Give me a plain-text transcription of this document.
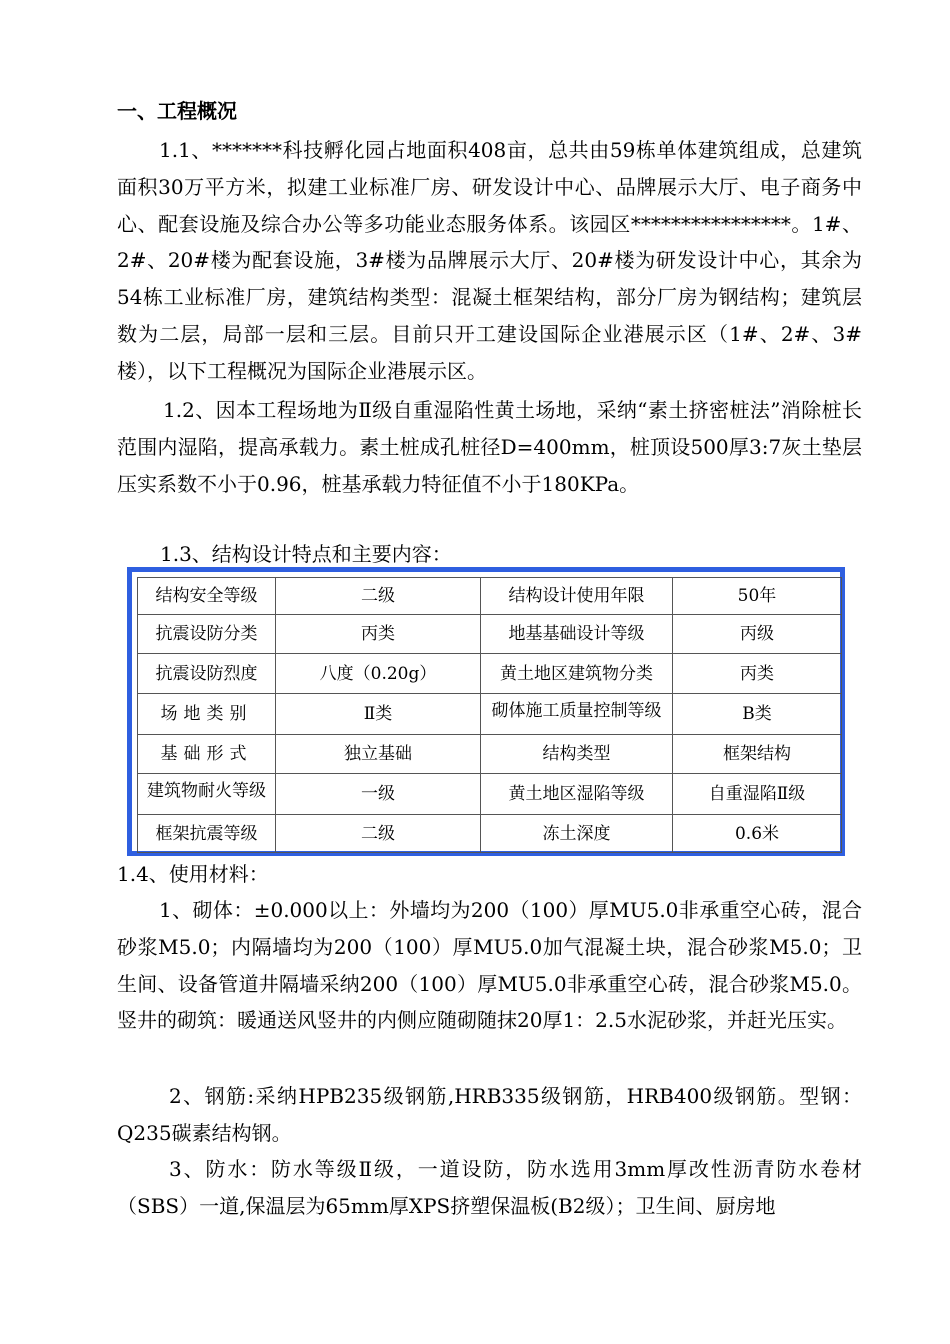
一、工程概况
1.1、*******科技孵化园占地面积408亩，总共由59栋单体建筑组成，总建筑面积30万平方米，拟建工业标准厂房、研发设计中心、品牌展示大厅、电子商务中心、配套设施及综合办公等多功能业态服务体系。该园区****************。1#、2#、20#楼为配套设施，3#楼为品牌展示大厅、20#楼为研发设计中心，其余为54栋工业标准厂房，建筑结构类型：混凝土框架结构，部分厂房为钢结构；建筑层数为二层，局部一层和三层。目前只开工建设国际企业港展示区（1#、2#、3#楼），以下工程概况为国际企业港展示区。
1.2、因本工程场地为Ⅱ级自重湿陷性黄土场地，采纳“素土挤密桩法”消除桩长范围内湿陷，提高承载力。素土桩成孔桩径D=400mm，桩顶设500厚3:7灰土垫层压实系数不小于0.96，桩基承载力特征值不小于180KPa。
1.3、结构设计特点和主要内容：
结构安全等级	二级	结构设计使用年限	50年
抗震设防分类	丙类	地基基础设计等级	丙级
抗震设防烈度	八度（0.20g）	黄土地区建筑物分类	丙类
场地类别	Ⅱ类	砌体施工质量控制等级	B类
基础形式	独立基础	结构类型	框架结构

建筑物耐火等级	一级	黄土地区湿陷等级	自重湿陷Ⅱ级
框架抗震等级	二级	冻土深度	0.6米
1.4、使用材料：
1、砌体：±0.000以上：外墙均为200（100）厚MU5.0非承重空心砖，混合砂浆M5.0；内隔墙均为200（100）厚MU5.0加气混凝土块，混合砂浆M5.0；卫生间、设备管道井隔墙采纳200（100）厚MU5.0非承重空心砖，混合砂浆M5.0。竖井的砌筑：暖通送风竖井的内侧应随砌随抹20厚1：2.5水泥砂浆，并赶光压实。
2、钢筋:采纳HPB235级钢筋,HRB335级钢筋，HRB400级钢筋。型钢：Q235碳素结构钢。
3、防水：防水等级Ⅱ级，一道设防，防水选用3mm厚改性沥青防水卷材（SBS）一道,保温层为65mm厚XPS挤塑保温板(B2级）；卫生间、厨房地
